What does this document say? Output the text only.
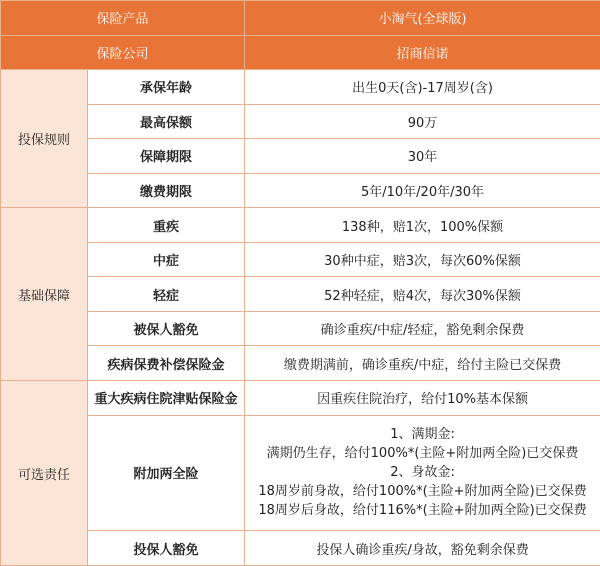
保险产品		小淘气(全球版)
保险公司		招商信诺
投保规则	承保年龄	出生0天(含)-17周岁(含)
	最高保额	90万
	保障期限	30年
	缴费期限	5年/10年/20年/30年
基础保障	重疾	138种，赔1次，100%保额
	中症	30种中症，赔3次，每次60%保额
	轻症	52种轻症，赔4次，每次30%保额
	被保人豁免	确诊重疾/中症/轻症，豁免剩余保费
	疾病保费补偿保险金	缴费期满前，确诊重疾/中症，给付主险已交保费
可选责任	重大疾病住院津贴保险金	因重疾住院治疗，给付10%基本保额
	附加两全险	1、满期金:
满期仍生存，给付100%*(主险+附加两全险)已交保费
2、身故金:
18周岁前身故，给付100%*(主险+附加两全险)已交保费
18周岁后身故，给付116%*(主险+附加两全险)已交保费

	投保人豁免	投保人确诊重疾/身故，豁免剩余保费
